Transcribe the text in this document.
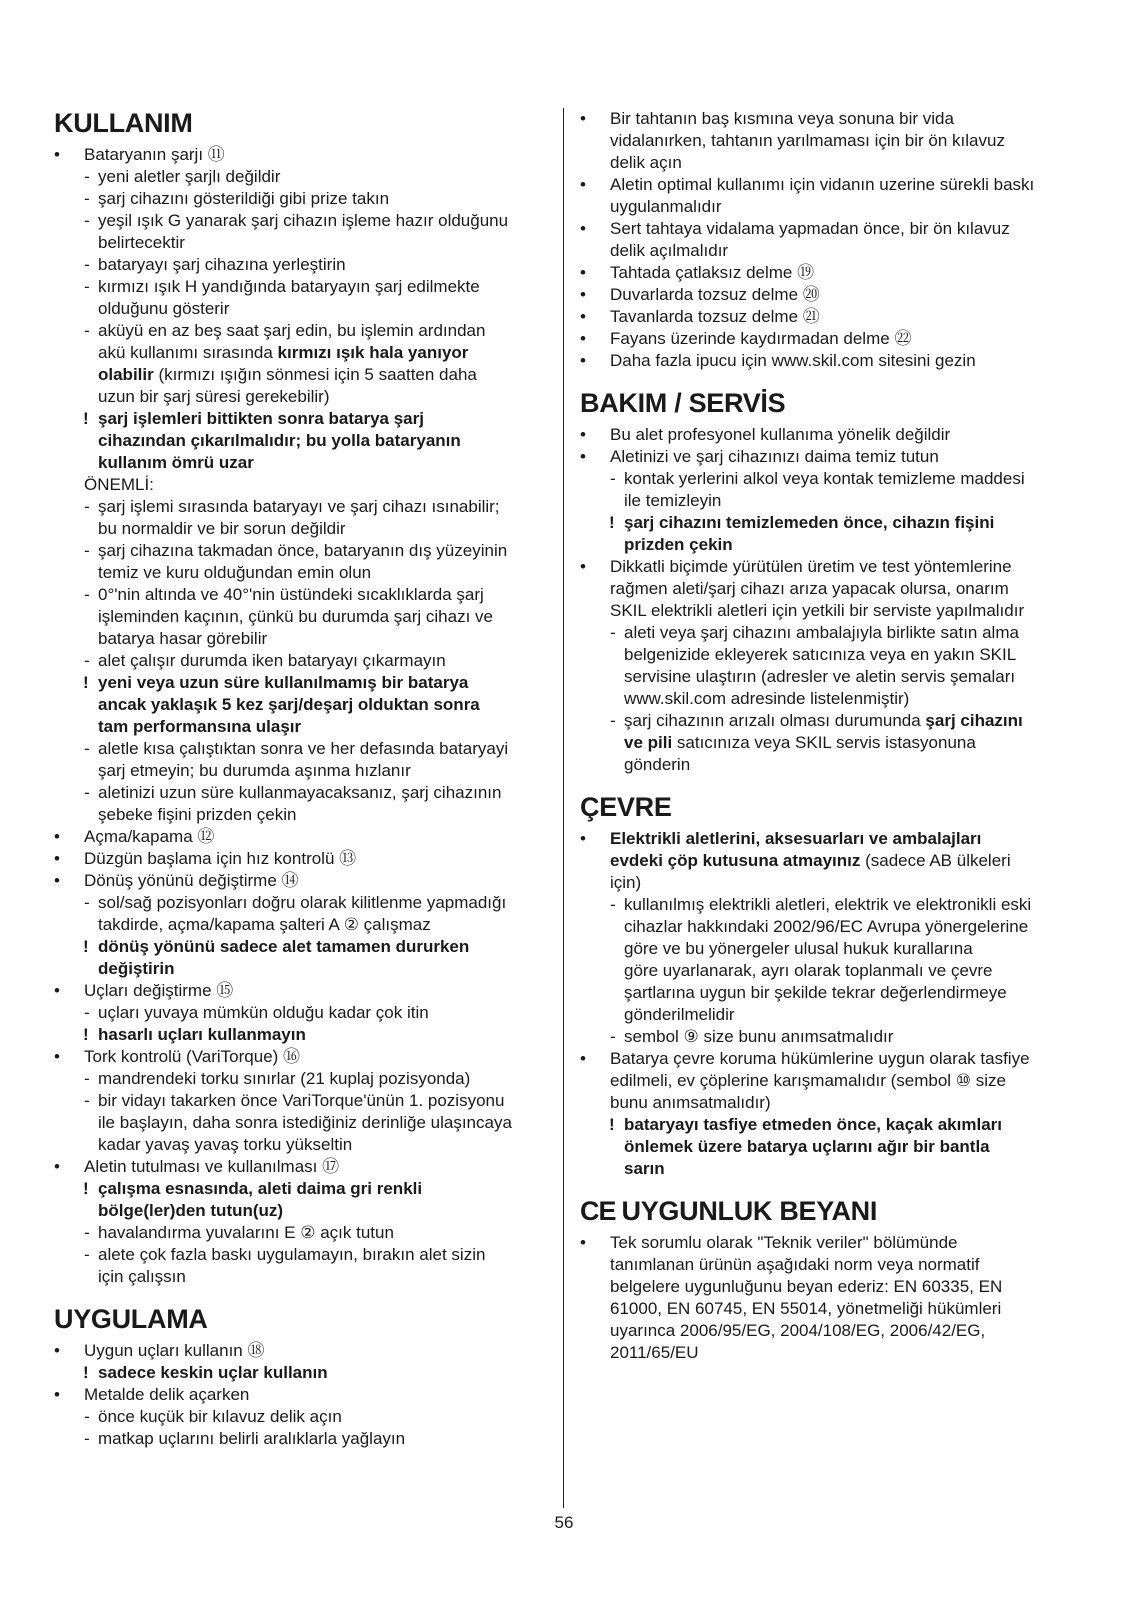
KULLANIM
• Bataryanın şarjı ⑪
- yeni aletler şarjlı değildir
- şarj cihazını gösterildiği gibi prize takın
- yeşil ışık G yanarak şarj cihazın işleme hazır olduğunu
belirtecektir
- bataryayı şarj cihazına yerleştirin
- kırmızı ışık H yandığında bataryayın şarj edilmekte
olduğunu gösterir
- aküyü en az beş saat şarj edin, bu işlemin ardından
akü kullanımı sırasında kırmızı ışık hala yanıyor
olabilir (kırmızı ışığın sönmesi için 5 saatten daha
uzun bir şarj süresi gerekebilir)
! şarj işlemleri bittikten sonra batarya şarj
cihazından çıkarılmalıdır; bu yolla bataryanın
kullanım ömrü uzar
ÖNEMLİ:
- şarj işlemi sırasında bataryayı ve şarj cihazı ısınabilir;
bu normaldir ve bir sorun değildir
- şarj cihazına takmadan önce, bataryanın dış yüzeyinin
temiz ve kuru olduğundan emin olun
- 0°'nin altında ve 40°'nin üstündeki sıcaklıklarda şarj
işleminden kaçının, çünkü bu durumda şarj cihazı ve
batarya hasar görebilir
- alet çalışır durumda iken bataryayı çıkarmayın
! yeni veya uzun süre kullanılmamış bir batarya
ancak yaklaşık 5 kez şarj/deşarj olduktan sonra
tam performansına ulaşır
- aletle kısa çalıştıktan sonra ve her defasında bataryayi
şarj etmeyin; bu durumda aşınma hızlanır
- aletinizi uzun süre kullanmayacaksanız, şarj cihazının
şebeke fişini prizden çekin
• Açma/kapama ⑫
• Düzgün başlama için hız kontrolü ⑬
• Dönüş yönünü değiştirme ⑭
- sol/sağ pozisyonları doğru olarak kilitlenme yapmadığı
takdirde, açma/kapama şalteri A ② çalışmaz
! dönüş yönünü sadece alet tamamen dururken
değiştirin
• Uçları değiştirme ⑮
- uçları yuvaya mümkün olduğu kadar çok itin
! hasarlı uçları kullanmayın
• Tork kontrolü (VariTorque) ⑯
- mandrendeki torku sınırlar (21 kuplaj pozisyonda)
- bir vidayı takarken önce VariTorque'ünün 1. pozisyonu
ile başlayın, daha sonra istediğiniz derinliğe ulaşıncaya
kadar yavaş yavaş torku yükseltin
• Aletin tutulması ve kullanılması ⑰
! çalışma esnasında, aleti daima gri renkli
bölge(ler)den tutun(uz)
- havalandırma yuvalarını E ② açık tutun
- alete çok fazla baskı uygulamayın, bırakın alet sizin
için çalışsın
UYGULAMA
• Uygun uçları kullanın ⑱
! sadece keskin uçlar kullanın
• Metalde delik açarken
- önce kuçük bir kılavuz delik açın
- matkap uçlarını belirli aralıklarla yağlayın
• Bir tahtanın baş kısmına veya sonuna bir vida
vidalanırken, tahtanın yarılmaması için bir ön kılavuz
delik açın
• Aletin optimal kullanımı için vidanın uzerine sürekli baskı
uygulanmalıdır
• Sert tahtaya vidalama yapmadan önce, bir ön kılavuz
delik açılmalıdır
• Tahtada çatlaksız delme ⑲
• Duvarlarda tozsuz delme ⑳
• Tavanlarda tozsuz delme ㉑
• Fayans üzerinde kaydırmadan delme ㉒
• Daha fazla ipucu için www.skil.com sitesini gezin
BAKIM / SERVİS
• Bu alet profesyonel kullanıma yönelik değildir
• Aletinizi ve şarj cihazınızı daima temiz tutun
- kontak yerlerini alkol veya kontak temizleme maddesi
ile temizleyin
! şarj cihazını temizlemeden önce, cihazın fişini
prizden çekin
• Dikkatli biçimde yürütülen üretim ve test yöntemlerine
rağmen aleti/şarj cihazı arıza yapacak olursa, onarım
SKIL elektrikli aletleri için yetkili bir serviste yapılmalıdır
- aleti veya şarj cihazını ambalajıyla birlikte satın alma
belgenizide ekleyerek satıcınıza veya en yakın SKIL
servisine ulaştırın (adresler ve aletin servis şemaları
www.skil.com adresinde listelenmiştir)
- şarj cihazının arızalı olması durumunda şarj cihazını
ve pili satıcınıza veya SKIL servis istasyonuna
gönderin
ÇEVRE
• Elektrikli aletlerini, aksesuarları ve ambalajları
evdeki çöp kutusuna atmayınız (sadece AB ülkeleri
için)
- kullanılmış elektrikli aletleri, elektrik ve elektronikli eski
cihazlar hakkındaki 2002/96/EC Avrupa yönergelerine
göre ve bu yönergeler ulusal hukuk kurallarına
göre uyarlanarak, ayrı olarak toplanmalı ve çevre
şartlarına uygun bir şekilde tekrar değerlendirmeye
gönderilmelidir
- sembol ⑨ size bunu anımsatmalıdır
• Batarya çevre koruma hükümlerine uygun olarak tasfiye
edilmeli, ev çöplerine karışmamalıdır (sembol ⑩ size
bunu anımsatmalıdır)
! bataryayı tasfiye etmeden önce, kaçak akımları
önlemek üzere batarya uçlarını ağır bir bantla
sarın
CE UYGUNLUK BEYANI
• Tek sorumlu olarak "Teknik veriler" bölümünde
tanımlanan ürünün aşağıdaki norm veya normatif
belgelere uygunluğunu beyan ederiz: EN 60335, EN
61000, EN 60745, EN 55014, yönetmeliği hükümleri
uyarınca 2006/95/EG, 2004/108/EG, 2006/42/EG,
2011/65/EU
56
